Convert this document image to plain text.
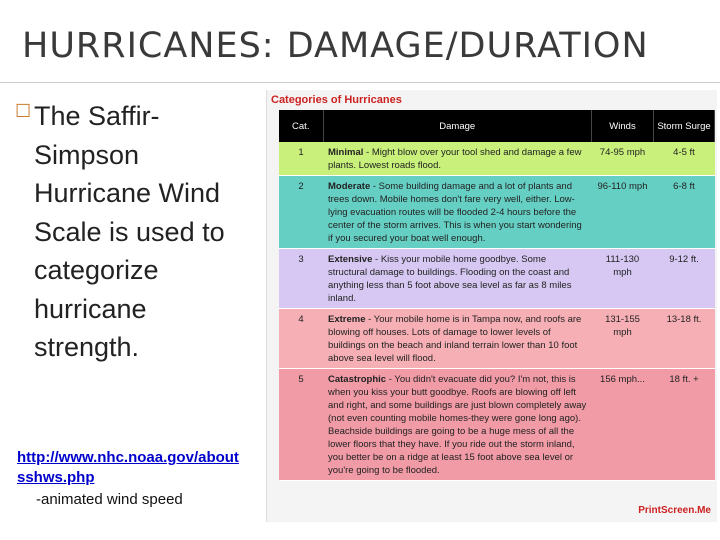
HURRICANES: DAMAGE/DURATION
☐ The Saffir-Simpson Hurricane Wind Scale is used to categorize hurricane strength.
http://www.nhc.noaa.gov/aboutsshws.php
-animated wind speed
Categories of Hurricanes
Cat.	Damage	Winds	Storm Surge
1	Minimal - Might blow over your tool shed and damage a few plants. Lowest roads flood.	74-95 mph	4-5 ft
2	Moderate - Some building damage and a lot of plants and trees down. Mobile homes don't fare very well, either. Low-lying evacuation routes will be flooded 2-4 hours before the center of the storm arrives. This is when you start wondering if you secured your boat well enough.	96-110 mph	6-8 ft
3	Extensive - Kiss your mobile home goodbye. Some structural damage to buildings. Flooding on the coast and anything less than 5 foot above sea level as far as 8 miles inland.	111-130 mph	9-12 ft.
4	Extreme - Your mobile home is in Tampa now, and roofs are blowing off houses. Lots of damage to lower levels of buildings on the beach and inland terrain lower than 10 foot above sea level will flood.	131-155 mph	13-18 ft.
5	Catastrophic - You didn't evacuate did you? I'm not, this is when you kiss your butt goodbye. Roofs are blowing off left and right, and some buildings are just blown completely away (not even counting mobile homes-they were gone long ago). Beachside buildings are going to be a huge mess of all the lower floors that they have. If you ride out the storm inland, you better be on a ridge at least 15 foot above sea level or you're going to be flooded.	156 mph...	18 ft. +
PrintScreen.Me
